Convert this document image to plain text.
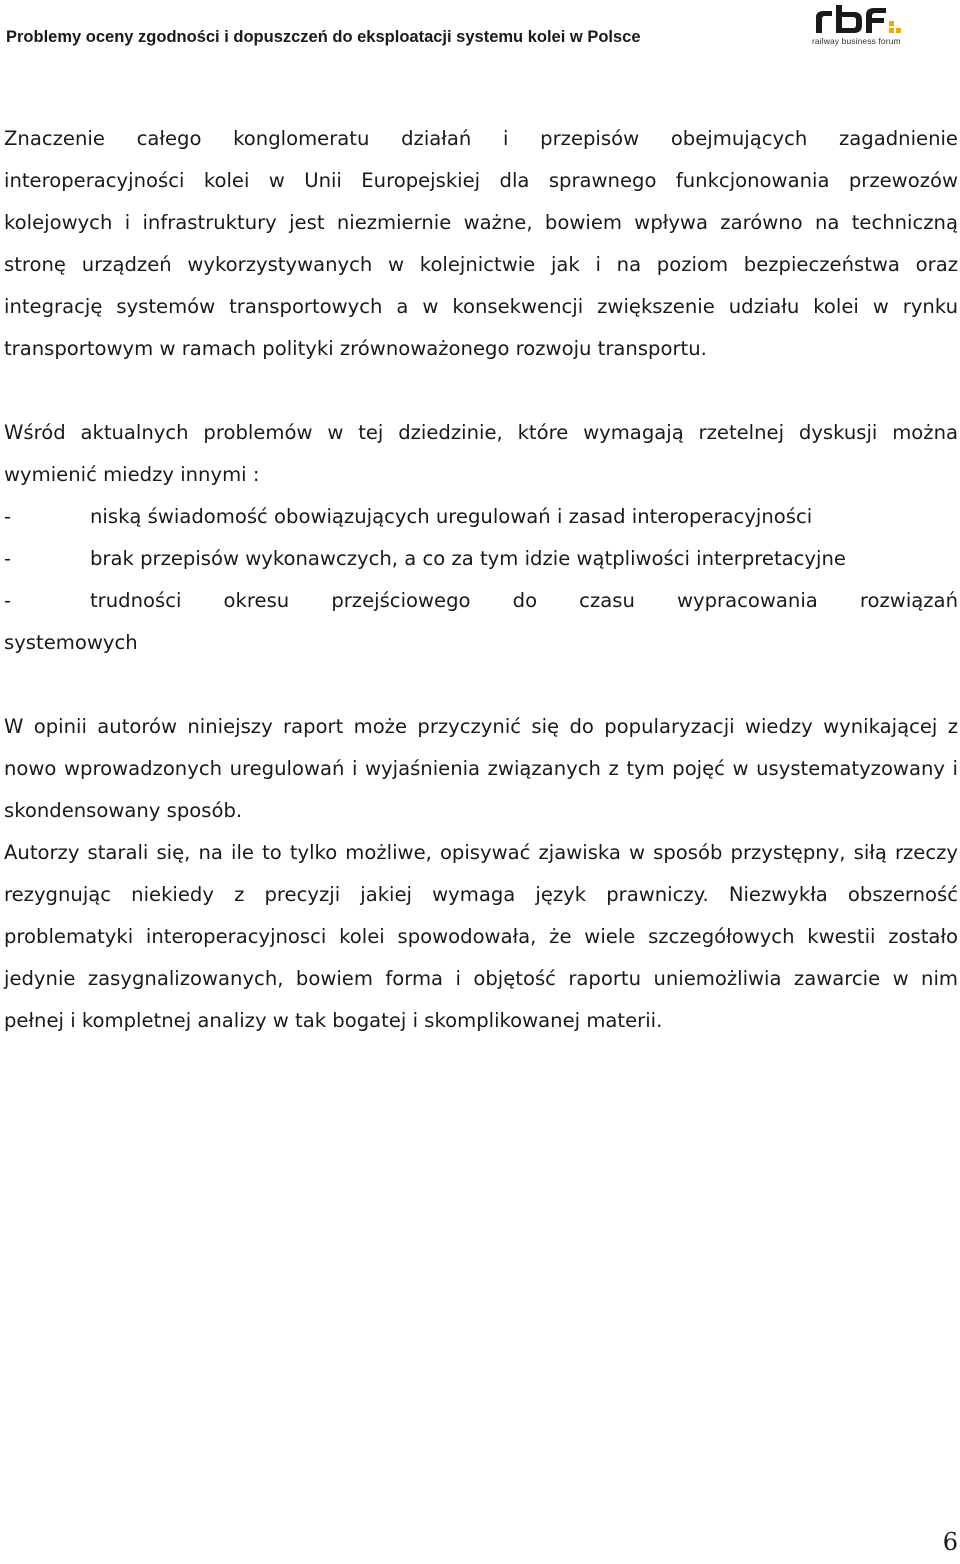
Problemy oceny zgodności i dopuszczeń do eksploatacji systemu kolei w Polsce	railway business forum

Znaczenie całego konglomeratu działań i przepisów obejmujących zagadnienie interoperacyjności kolei w Unii Europejskiej dla sprawnego funkcjonowania przewozów kolejowych i infrastruktury jest niezmiernie ważne, bowiem wpływa zarówno na techniczną stronę urządzeń wykorzystywanych w kolejnictwie jak i na poziom bezpieczeństwa oraz integrację systemów transportowych a w konsekwencji zwiększenie udziału kolei w rynku transportowym w ramach polityki zrównoważonego rozwoju transportu.

Wśród aktualnych problemów w tej dziedzinie, które wymagają rzetelnej dyskusji można wymienić miedzy innymi :

-	niską świadomość obowiązujących uregulowań i zasad interoperacyjności
-	brak przepisów wykonawczych, a co za tym idzie wątpliwości interpretacyjne
-	trudności okresu przejściowego do czasu wypracowania rozwiązań

systemowych

W opinii autorów niniejszy raport może przyczynić się do popularyzacji wiedzy wynikającej z nowo wprowadzonych uregulowań i wyjaśnienia związanych z tym pojęć w usystematyzowany i skondensowany sposób.

Autorzy starali się, na ile to tylko możliwe, opisywać zjawiska w sposób przystępny, siłą rzeczy rezygnując niekiedy z precyzji jakiej wymaga język prawniczy. Niezwykła obszerność problematyki interoperacyjnosci kolei spowodowała, że wiele szczegółowych kwestii zostało jedynie zasygnalizowanych, bowiem forma i objętość raportu uniemożliwia zawarcie w nim pełnej i kompletnej analizy w tak bogatej i skomplikowanej materii.

6
